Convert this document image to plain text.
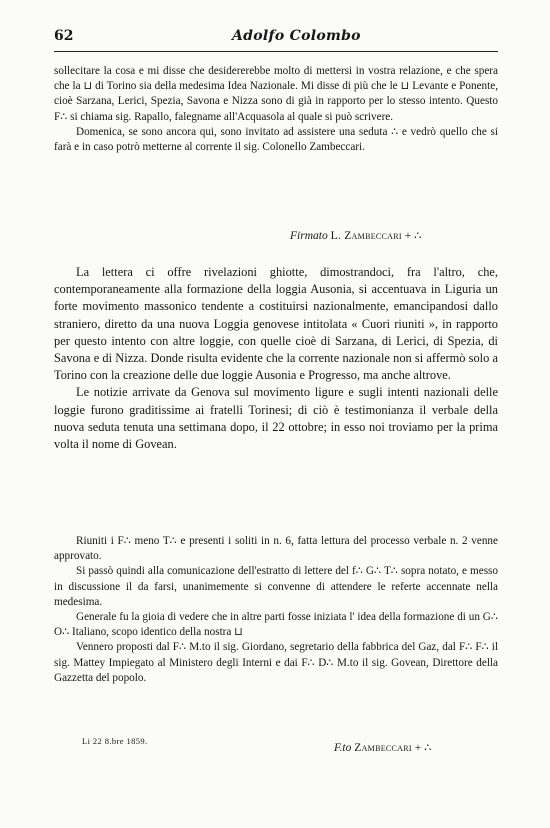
62	Adolfo Colombo

sollecitare la cosa e mi disse che desidererebbe molto di mettersi in vostra relazione, e che spera che la ⊔ di Torino sia della medesima Idea Nazionale. Mi disse di più che le ⊔ Levante e Ponente, cioè Sarzana, Lerici, Spezia, Savona e Nizza sono di già in rapporto per lo stesso intento. Questo F∴ si chiama sig. Rapallo, falegname all'Acquasola al quale si può scrivere.

Domenica, se sono ancora qui, sono invitato ad assistere una seduta ∴ e vedrò quello che si farà e in caso potrò metterne al corrente il sig. Colonello Zambeccari.

Firmato L. Zambeccari + ∴

La lettera ci offre rivelazioni ghiotte, dimostrandoci, fra l'altro, che, contemporaneamente alla formazione della loggia Ausonia, si accentuava in Liguria un forte movimento massonico tendente a costituirsi nazionalmente, emancipandosi dallo straniero, diretto da una nuova Loggia genovese intitolata « Cuori riuniti », in rapporto per questo intento con altre loggie, con quelle cioè di Sarzana, di Lerici, di Spezia, di Savona e di Nizza. Donde risulta evidente che la corrente nazionale non si affermò solo a Torino con la creazione delle due loggie Ausonia e Progresso, ma anche altrove.

Le notizie arrivate da Genova sul movimento ligure e sugli intenti nazionali delle loggie furono graditissime ai fratelli Torinesi; di ciò è testimonianza il verbale della nuova seduta tenuta una settimana dopo, il 22 ottobre; in esso noi troviamo per la prima volta il nome di Govean.

Riuniti i F∴ meno T∴ e presenti i soliti in n. 6, fatta lettura del processo verbale n. 2 venne approvato.

Si passò quindi alla comunicazione dell'estratto di lettere del f∴ G∴ T∴ sopra notato, e messo in discussione il da farsi, unanimemente si convenne di attendere le referte accennate nella medesima.

Generale fu la gioia di vedere che in altre parti fosse iniziata l' idea della formazione di un G∴ O∴ Italiano, scopo identico della nostra ⊔

Vennero proposti dal F∴ M.to il sig. Giordano, segretario della fabbrica del Gaz, dal F∴ F∴ il sig. Mattey Impiegato al Ministero degli Interni e dai F∴ D∴ M.to il sig. Govean, Direttore della Gazzetta del popolo.

Li 22 8.bre 1859.
F.to Zambeccari + ∴
